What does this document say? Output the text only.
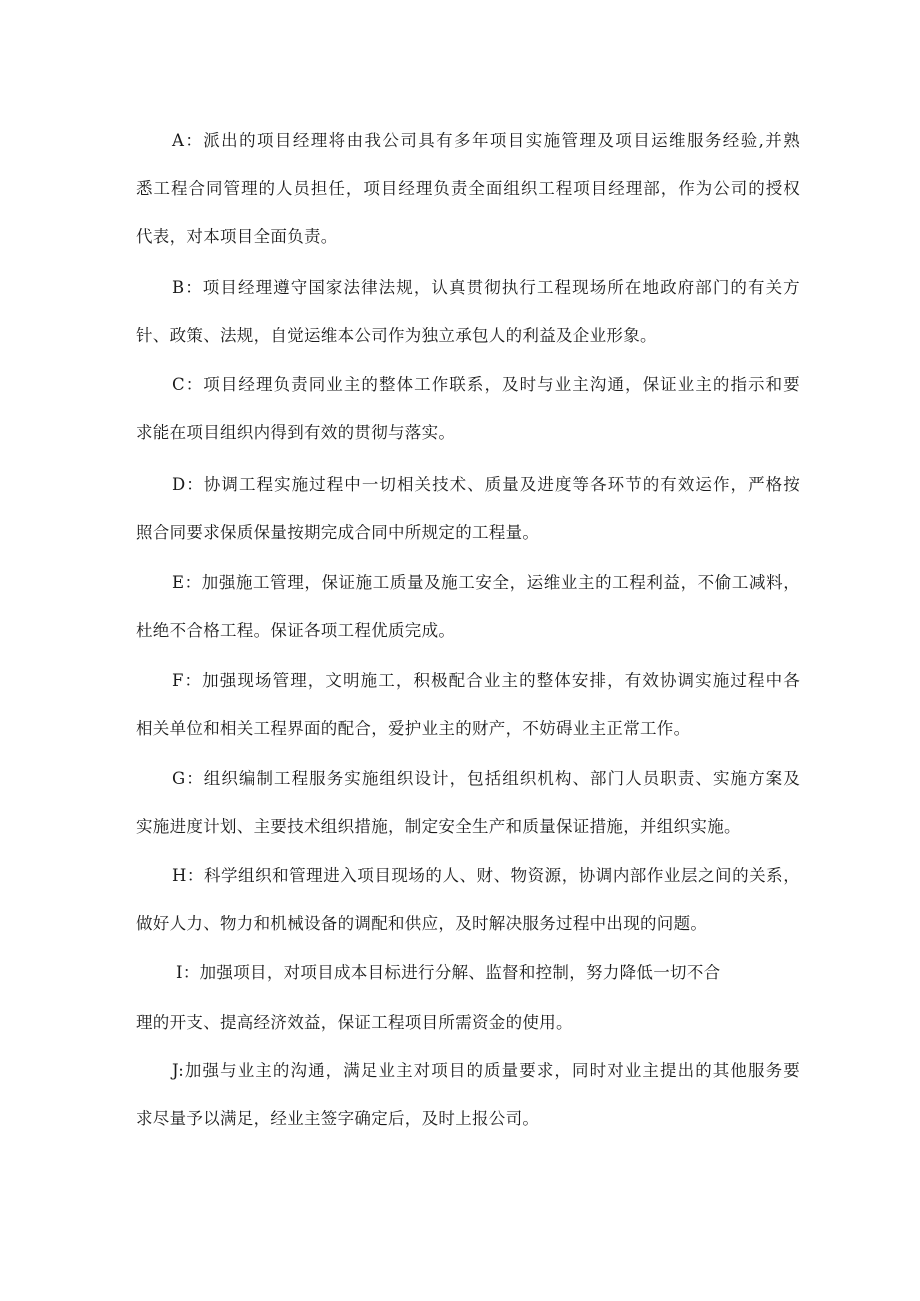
A：派出的项目经理将由我公司具有多年项目实施管理及项目运维服务经验,并熟
悉工程合同管理的人员担任，项目经理负责全面组织工程项目经理部，作为公司的授权
代表，对本项目全面负责。
B：项目经理遵守国家法律法规，认真贯彻执行工程现场所在地政府部门的有关方
针、政策、法规，自觉运维本公司作为独立承包人的利益及企业形象。
C：项目经理负责同业主的整体工作联系，及时与业主沟通，保证业主的指示和要
求能在项目组织内得到有效的贯彻与落实。
D：协调工程实施过程中一切相关技术、质量及进度等各环节的有效运作，严格按
照合同要求保质保量按期完成合同中所规定的工程量。
E：加强施工管理，保证施工质量及施工安全，运维业主的工程利益，不偷工减料，
杜绝不合格工程。保证各项工程优质完成。
F：加强现场管理，文明施工，积极配合业主的整体安排，有效协调实施过程中各
相关单位和相关工程界面的配合，爱护业主的财产，不妨碍业主正常工作。
G：组织编制工程服务实施组织设计，包括组织机构、部门人员职责、实施方案及
实施进度计划、主要技术组织措施，制定安全生产和质量保证措施，并组织实施。
H：科学组织和管理进入项目现场的人、财、物资源，协调内部作业层之间的关系，
做好人力、物力和机械设备的调配和供应，及时解决服务过程中出现的问题。
I：加强项目，对项目成本目标进行分解、监督和控制，努力降低一切不合
理的开支、提高经济效益，保证工程项目所需资金的使用。
J:加强与业主的沟通，满足业主对项目的质量要求，同时对业主提出的其他服务要
求尽量予以满足，经业主签字确定后，及时上报公司。
